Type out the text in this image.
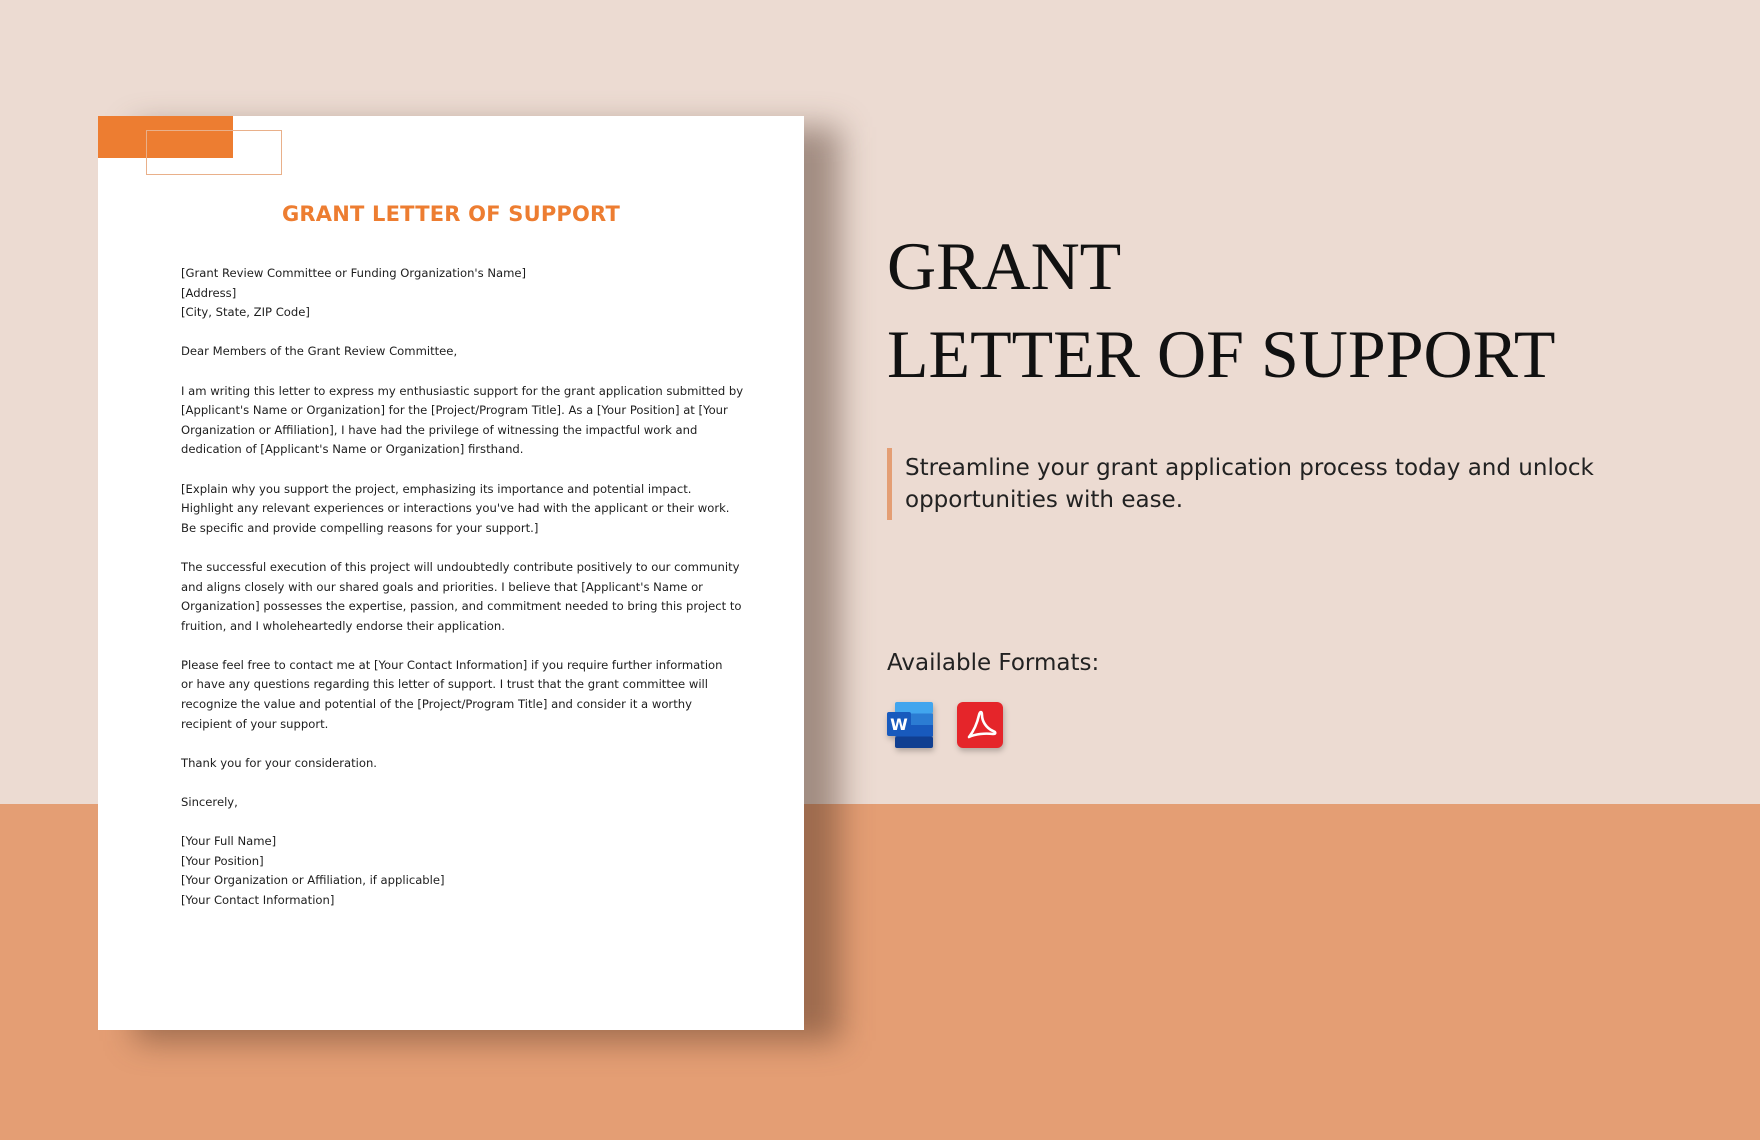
GRANT LETTER OF SUPPORT
[Grant Review Committee or Funding Organization's Name]
[Address]
[City, State, ZIP Code]
Dear Members of the Grant Review Committee,
I am writing this letter to express my enthusiastic support for the grant application submitted by
[Applicant's Name or Organization] for the [Project/Program Title]. As a [Your Position] at [Your
Organization or Affiliation], I have had the privilege of witnessing the impactful work and
dedication of [Applicant's Name or Organization] firsthand.
[Explain why you support the project, emphasizing its importance and potential impact.
Highlight any relevant experiences or interactions you've had with the applicant or their work.
Be specific and provide compelling reasons for your support.]
The successful execution of this project will undoubtedly contribute positively to our community
and aligns closely with our shared goals and priorities. I believe that [Applicant's Name or
Organization] possesses the expertise, passion, and commitment needed to bring this project to
fruition, and I wholeheartedly endorse their application.
Please feel free to contact me at [Your Contact Information] if you require further information
or have any questions regarding this letter of support. I trust that the grant committee will
recognize the value and potential of the [Project/Program Title] and consider it a worthy
recipient of your support.
Thank you for your consideration.
Sincerely,
[Your Full Name]
[Your Position]
[Your Organization or Affiliation, if applicable]
[Your Contact Information]
GRANT
LETTER OF SUPPORT
Streamline your grant application process today and unlock
opportunities with ease.
Available Formats:
W
